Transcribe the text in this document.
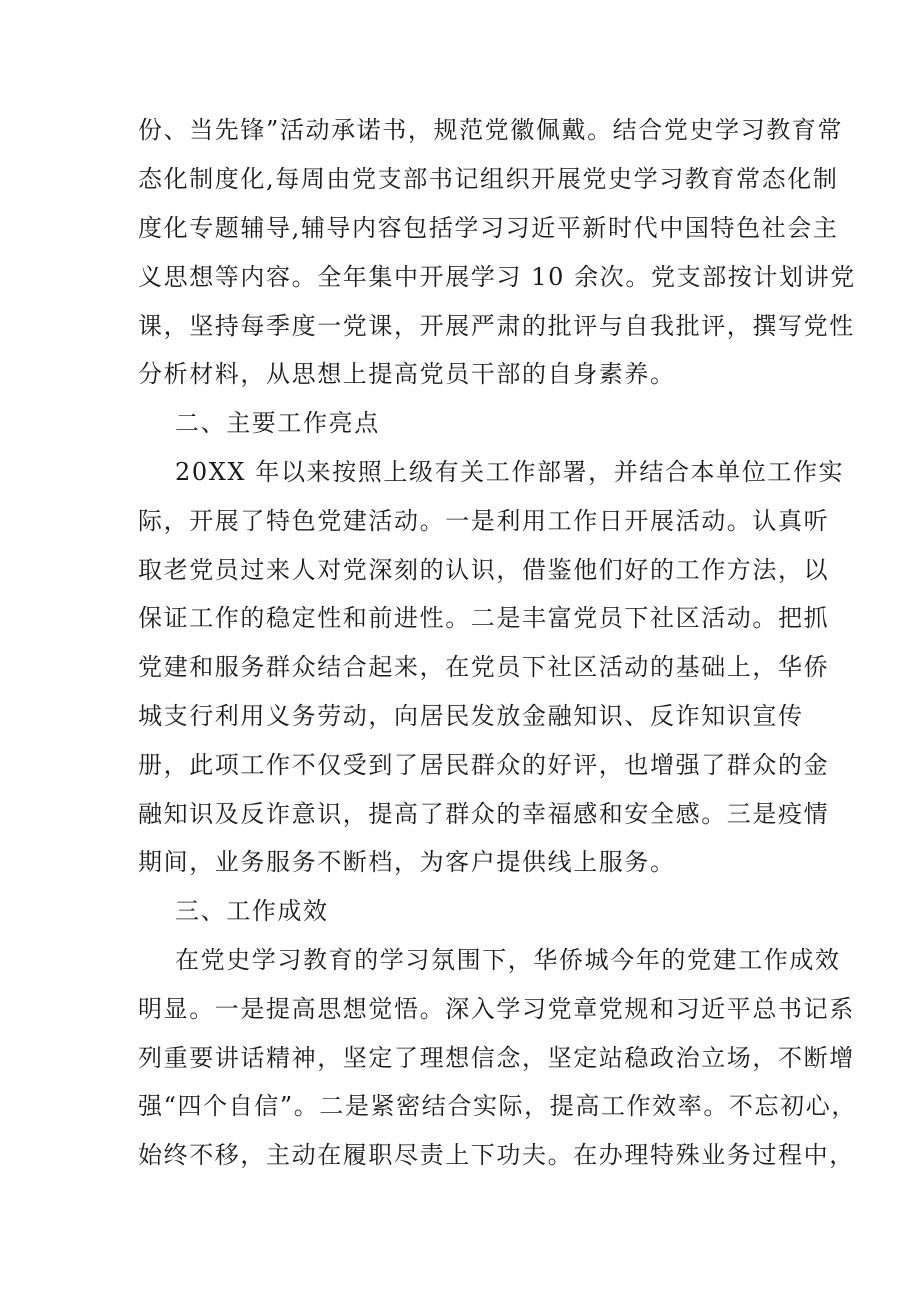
份、当先锋”活动承诺书，规范党徽佩戴。结合党史学习教育常
态化制度化,每周由党支部书记组织开展党史学习教育常态化制
度化专题辅导,辅导内容包括学习习近平新时代中国特色社会主
义思想等内容。全年集中开展学习 10 余次。党支部按计划讲党
课，坚持每季度一党课，开展严肃的批评与自我批评，撰写党性
分析材料，从思想上提高党员干部的自身素养。
二、主要工作亮点
20XX 年以来按照上级有关工作部署，并结合本单位工作实
际，开展了特色党建活动。一是利用工作日开展活动。认真听
取老党员过来人对党深刻的认识，借鉴他们好的工作方法，以
保证工作的稳定性和前进性。二是丰富党员下社区活动。把抓
党建和服务群众结合起来，在党员下社区活动的基础上，华侨
城支行利用义务劳动，向居民发放金融知识、反诈知识宣传
册，此项工作不仅受到了居民群众的好评，也增强了群众的金
融知识及反诈意识，提高了群众的幸福感和安全感。三是疫情
期间，业务服务不断档，为客户提供线上服务。
三、工作成效
在党史学习教育的学习氛围下，华侨城今年的党建工作成效
明显。一是提高思想觉悟。深入学习党章党规和习近平总书记系
列重要讲话精神，坚定了理想信念，坚定站稳政治立场，不断增
强“四个自信”。二是紧密结合实际，提高工作效率。不忘初心，
始终不移，主动在履职尽责上下功夫。在办理特殊业务过程中，
